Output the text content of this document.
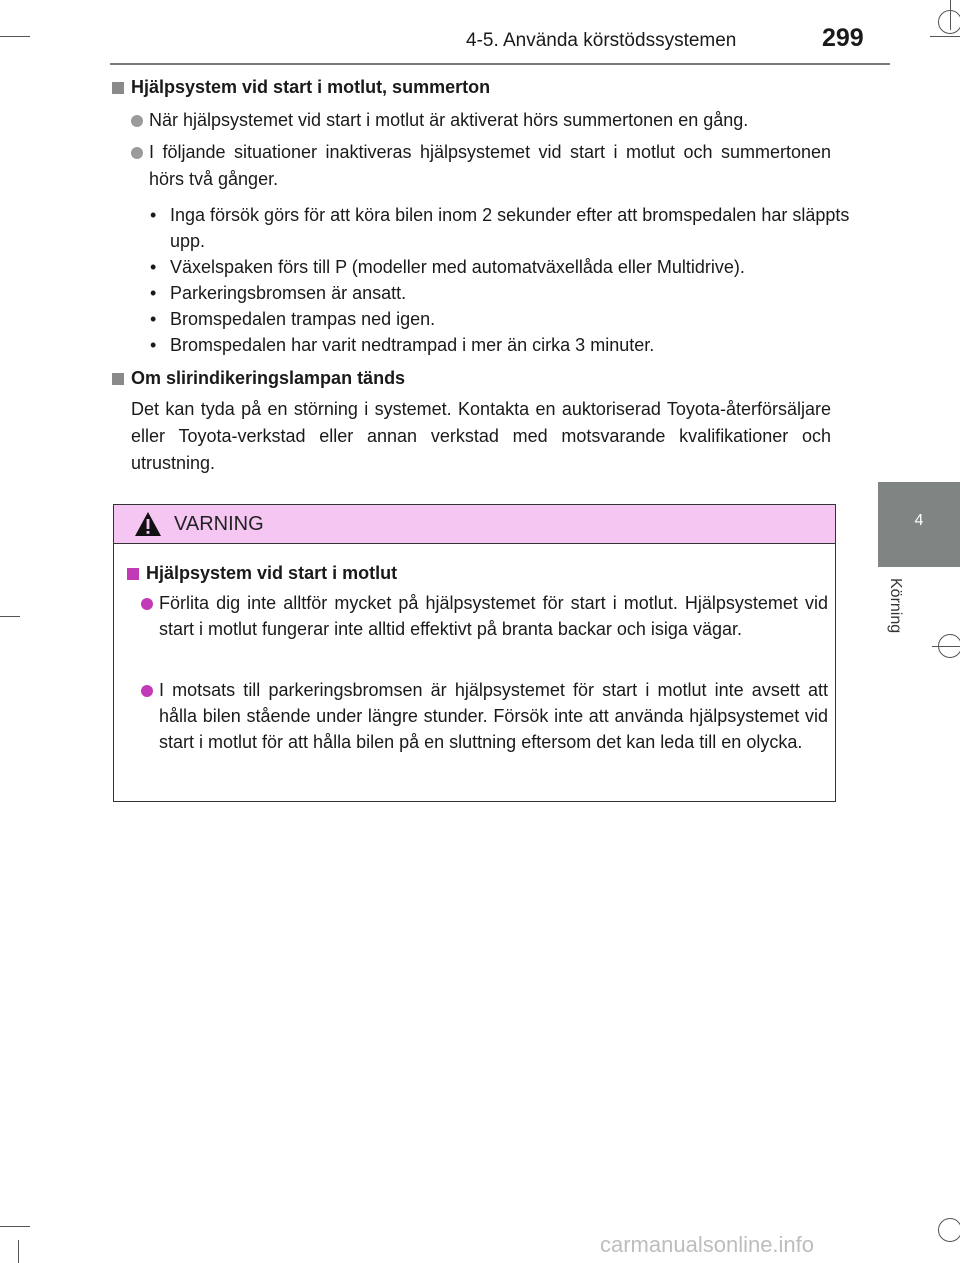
4-5. Använda körstödssystemen	299
4
Körning
Hjälpsystem vid start i motlut, summerton
När hjälpsystemet vid start i motlut är aktiverat hörs summertonen en gång.
I följande situationer inaktiveras hjälpsystemet vid start i motlut och summertonen hörs två gånger.
• Inga försök görs för att köra bilen inom 2 sekunder efter att bromspedalen har släppts upp.
• Växelspaken förs till P (modeller med automatväxellåda eller Multidrive).
• Parkeringsbromsen är ansatt.
• Bromspedalen trampas ned igen.
• Bromspedalen har varit nedtrampad i mer än cirka 3 minuter.
Om slirindikeringslampan tänds
Det kan tyda på en störning i systemet. Kontakta en auktoriserad Toyota-återförsäljare eller Toyota-verkstad eller annan verkstad med motsvarande kvalifikationer och utrustning.
VARNING
Hjälpsystem vid start i motlut
Förlita dig inte alltför mycket på hjälpsystemet för start i motlut. Hjälpsystemet vid start i motlut fungerar inte alltid effektivt på branta backar och isiga vägar.
I motsats till parkeringsbromsen är hjälpsystemet för start i motlut inte avsett att hålla bilen stående under längre stunder. Försök inte att använda hjälpsystemet vid start i motlut för att hålla bilen på en sluttning eftersom det kan leda till en olycka.
carmanualsonline.info
